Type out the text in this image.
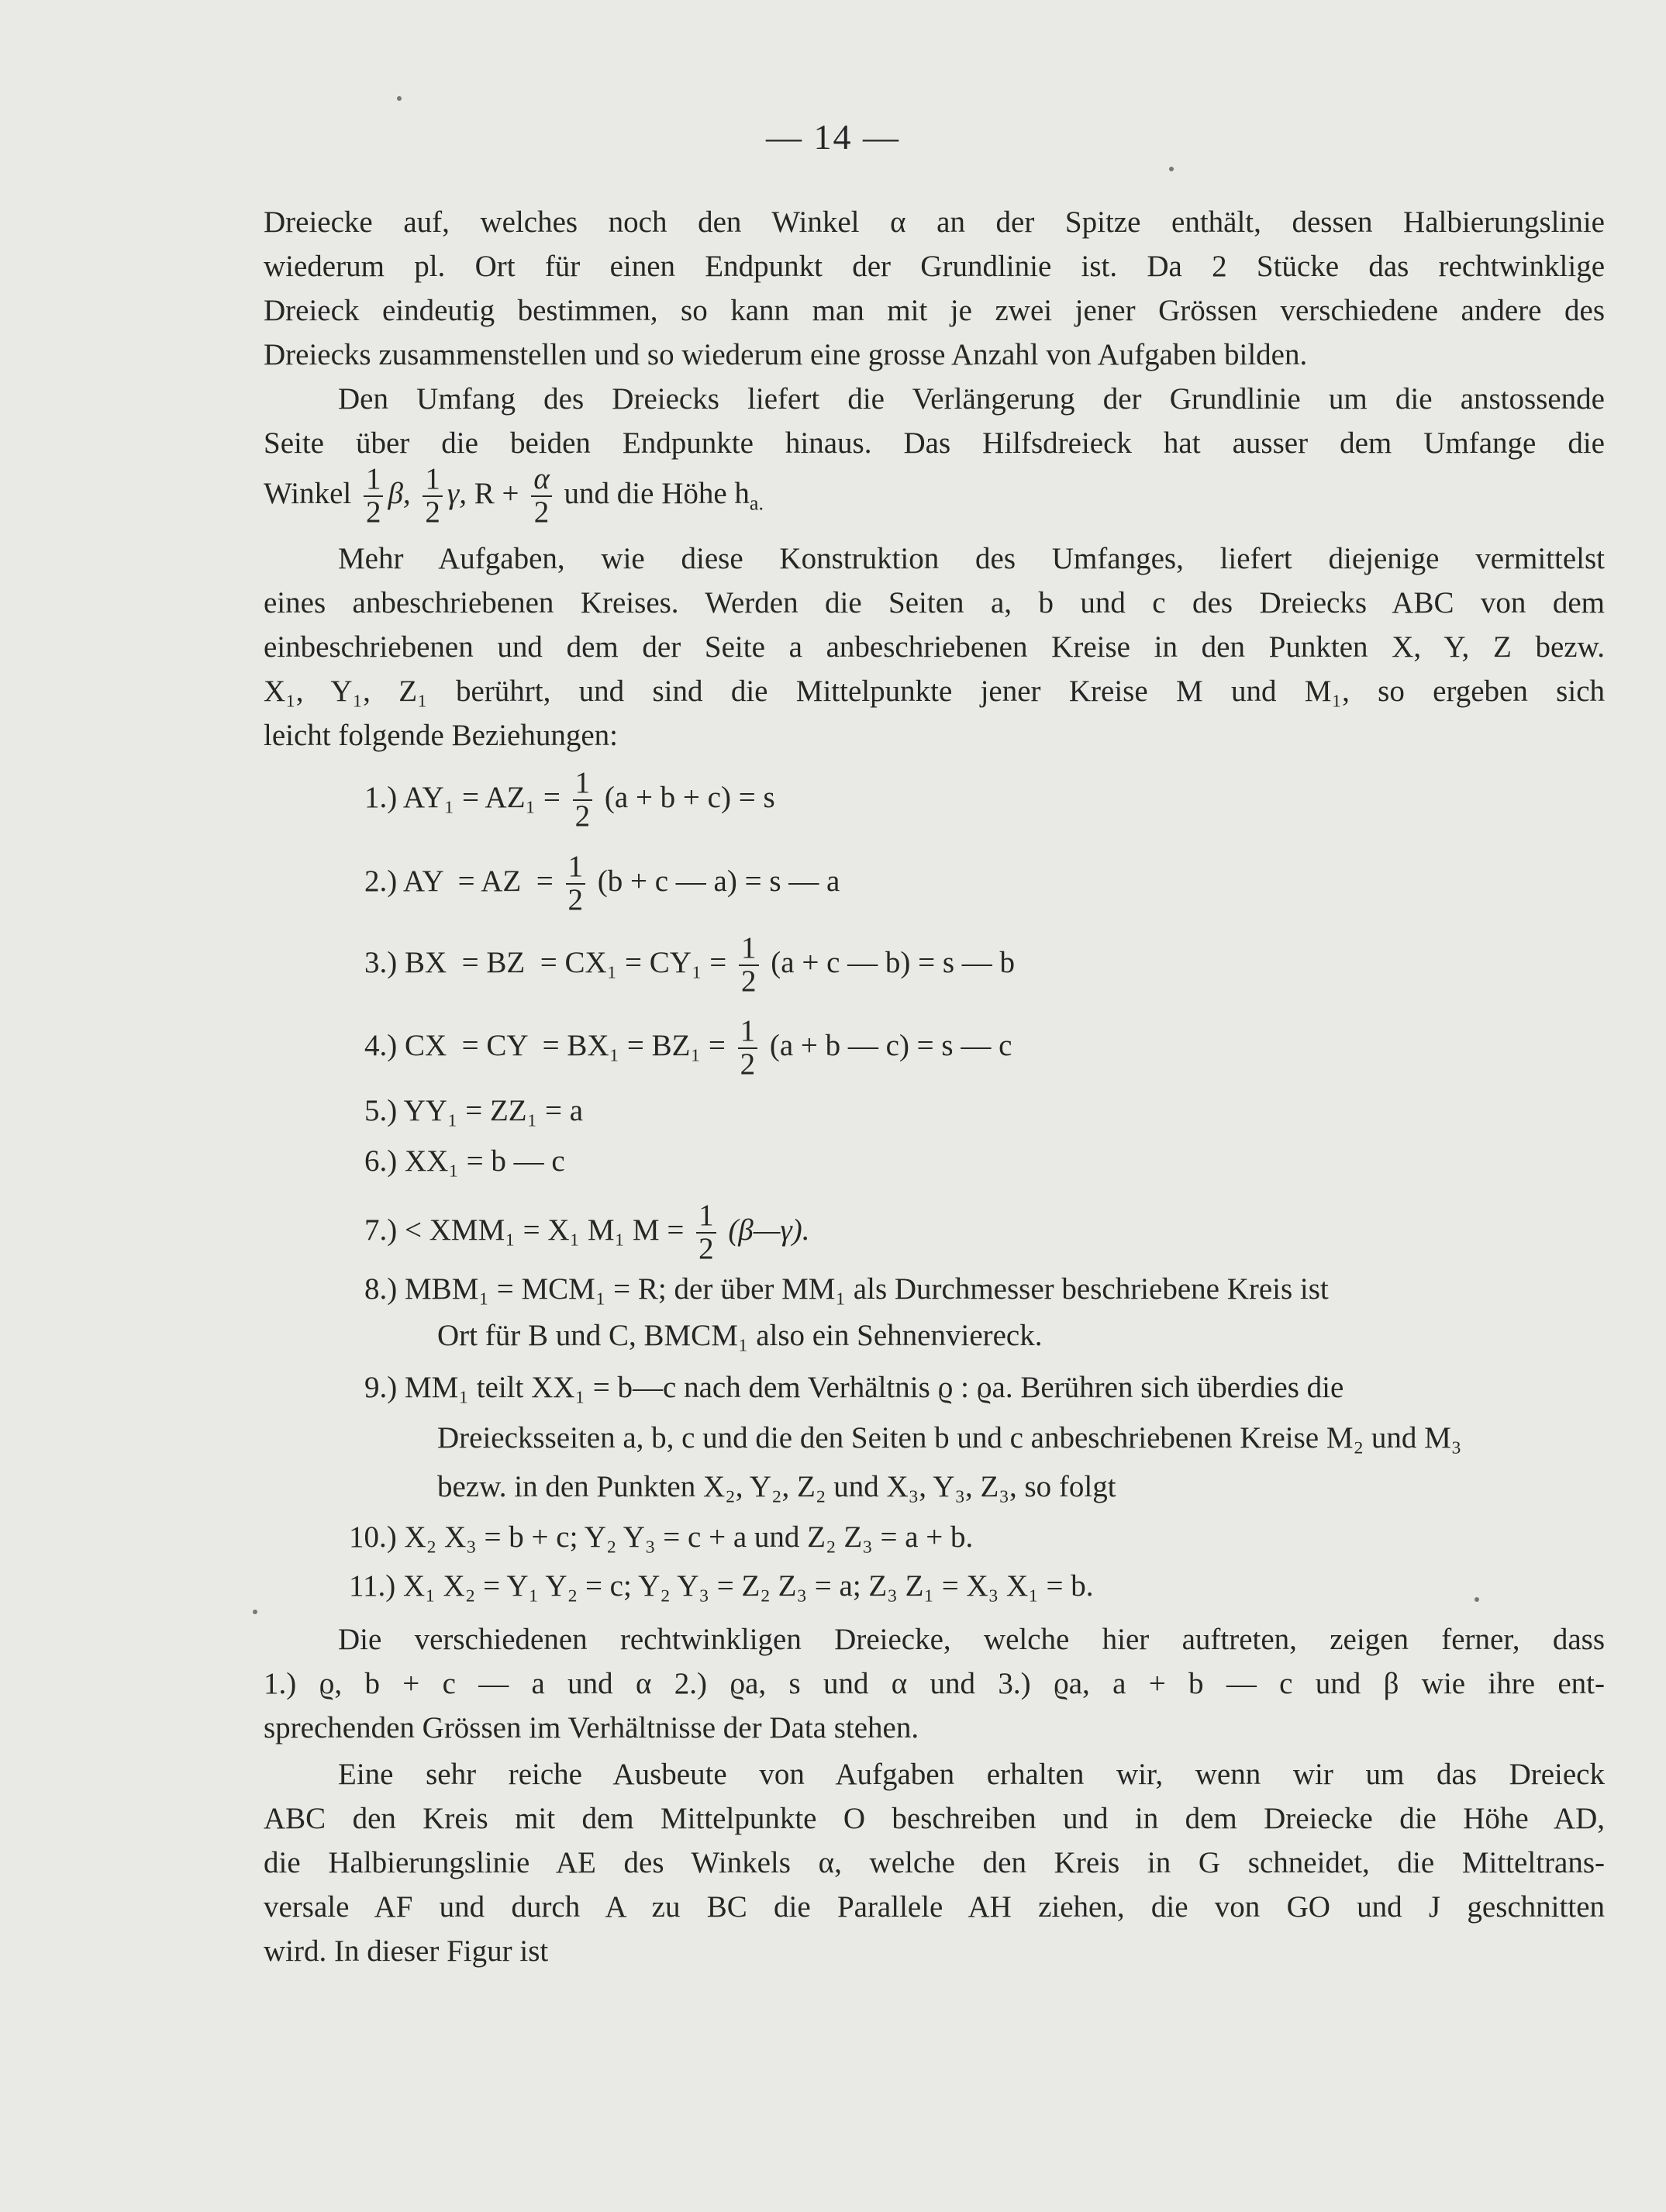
— 14 —
Dreiecke auf, welches noch den Winkel α an der Spitze enthält, dessen Halbierungslinie
wiederum pl. Ort für einen Endpunkt der Grundlinie ist. Da 2 Stücke das rechtwinklige
Dreieck eindeutig bestimmen, so kann man mit je zwei jener Grössen verschiedene andere des
Dreiecks zusammenstellen und so wiederum eine grosse Anzahl von Aufgaben bilden.
Den Umfang des Dreiecks liefert die Verlängerung der Grundlinie um die anstossende
Seite über die beiden Endpunkte hinaus. Das Hilfsdreieck hat ausser dem Umfange die
Winkel $\frac{1}{2} \beta$, $\frac{1}{2} \gamma$, $R + \frac{\alpha}{2}$ und die Höhe $h_{a.}$
Mehr Aufgaben, wie diese Konstruktion des Umfanges, liefert diejenige vermittelst
eines anbeschriebenen Kreises. Werden die Seiten a, b und c des Dreiecks ABC von dem
einbeschriebenen und dem der Seite a anbeschriebenen Kreise in den Punkten X, Y, Z bezw.
X₁, Y₁, Z₁ berührt, und sind die Mittelpunkte jener Kreise M und M₁, so ergeben sich
leicht folgende Beziehungen:
1.) $AY_1 = AZ_1 = \frac{1}{2} (a + b + c) = s$
2.) AY  = AZ  = $\frac{1}{2} (b + c$ — a) = s — a
3.) BX  = BZ  = $CX_1 = CY_1 = \frac{1}{2} (a + c$ — b) = s — b
4.) CX  = CY  = $BX_1 = BZ_1 = \frac{1}{2} (a + b$ — c) = s — c
5.) YY₁ = ZZ₁ = a
6.) XX₁ = b — c
7.) < XMM₁ = X₁ M₁ $M = \frac{1}{2}$ (β—γ).
8.) MBM₁ = MCM₁ = R; der über MM₁ als Durchmesser beschriebene Kreis ist
Ort für B und C, BMCM₁ also ein Sehnenviereck.
9.) MM₁ teilt XX₁ = b—c nach dem Verhältnis ϱ : ϱa. Berühren sich überdies die
Dreiecksseiten a, b, c und die den Seiten b und c anbeschriebenen Kreise M₂ und M₃
bezw. in den Punkten X₂, Y₂, Z₂ und X₃, Y₃, Z₃, so folgt
10.) X₂ X₃ = b + c; Y₂ Y₃ = c + a und Z₂ Z₃ = a + b.
11.) X₁ X₂ = Y₁ Y₂ = c; Y₂ Y₃ = Z₂ Z₃ = a; Z₃ Z₁ = X₃ X₁ = b.
Die verschiedenen rechtwinkligen Dreiecke, welche hier auftreten, zeigen ferner, dass
1.) ϱ, b + c — a und α 2.) ϱa, s und α und 3.) ϱa, a + b — c und β wie ihre ent-
sprechenden Grössen im Verhältnisse der Data stehen.
Eine sehr reiche Ausbeute von Aufgaben erhalten wir, wenn wir um das Dreieck
ABC den Kreis mit dem Mittelpunkte O beschreiben und in dem Dreiecke die Höhe AD,
die Halbierungslinie AE des Winkels α, welche den Kreis in G schneidet, die Mitteltrans-
versale AF und durch A zu BC die Parallele AH ziehen, die von GO und J geschnitten
wird. In dieser Figur ist
